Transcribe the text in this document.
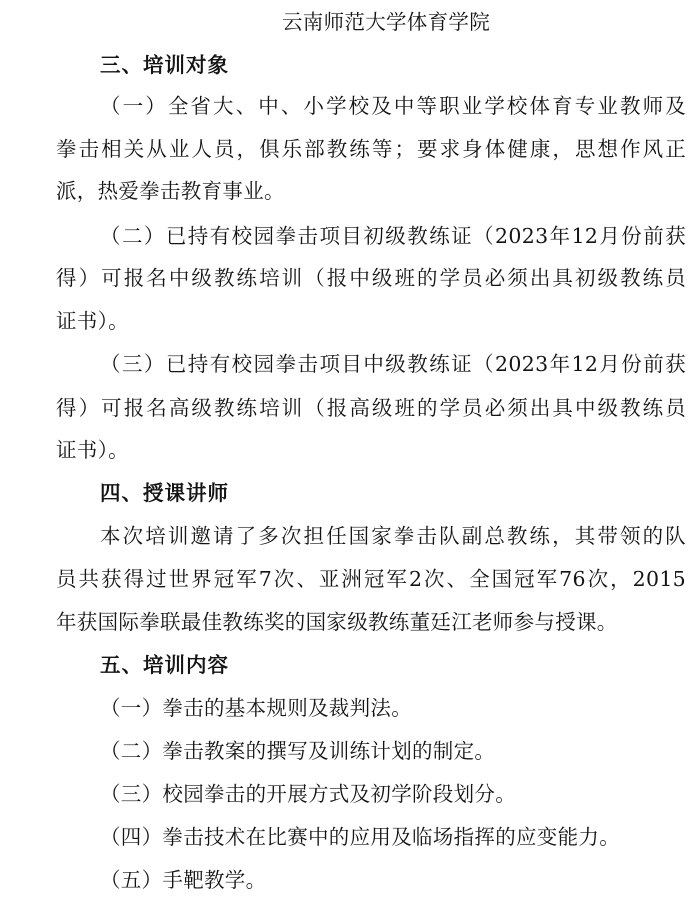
云南师范大学体育学院
三、培训对象
（一）全省大、中、小学校及中等职业学校体育专业教师及
拳击相关从业人员，俱乐部教练等；要求身体健康，思想作风正
派，热爱拳击教育事业。
（二）已持有校园拳击项目初级教练证（2023年12月份前获
得）可报名中级教练培训（报中级班的学员必须出具初级教练员
证书）。
（三）已持有校园拳击项目中级教练证（2023年12月份前获
得）可报名高级教练培训（报高级班的学员必须出具中级教练员
证书）。
四、授课讲师
本次培训邀请了多次担任国家拳击队副总教练，其带领的队
员共获得过世界冠军7次、亚洲冠军2次、全国冠军76次，2015
年获国际拳联最佳教练奖的国家级教练董廷江老师参与授课。
五、培训内容
（一）拳击的基本规则及裁判法。
（二）拳击教案的撰写及训练计划的制定。
（三）校园拳击的开展方式及初学阶段划分。
（四）拳击技术在比赛中的应用及临场指挥的应变能力。
（五）手靶教学。
